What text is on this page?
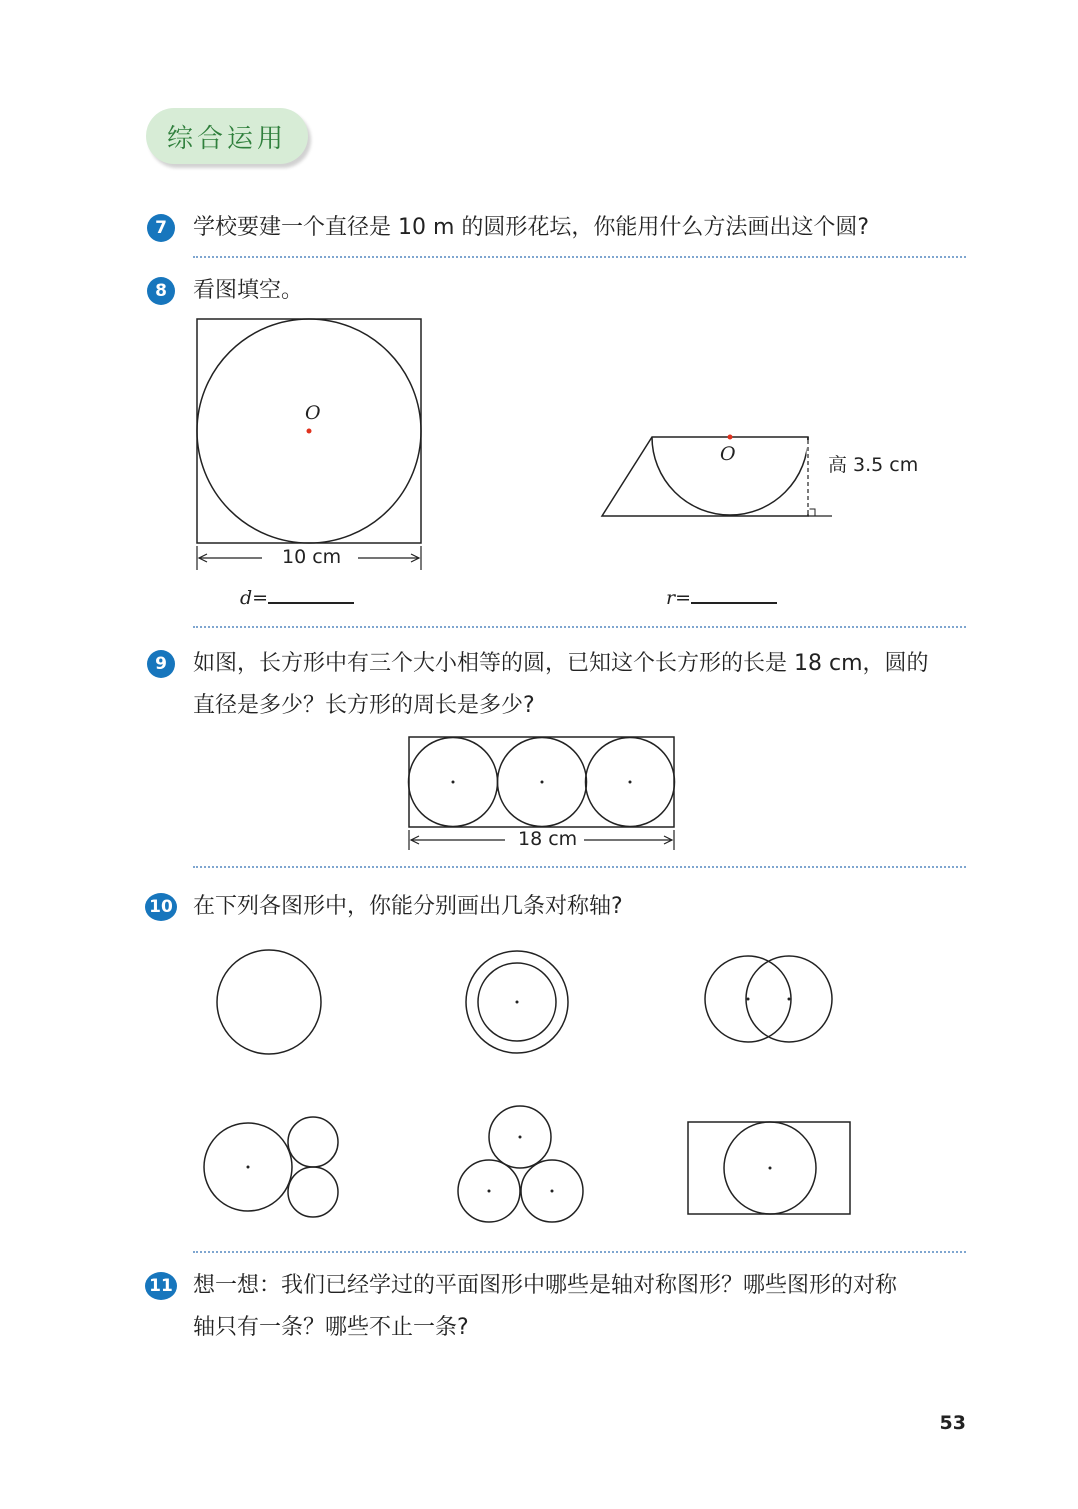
综合运用
7	学校要建一个直径是 10 m 的圆形花坛，你能用什么方法画出这个圆?
8	看图填空。
O
10 cm
d=
O	高 3.5 cm
r=
9	如图，长方形中有三个大小相等的圆，已知这个长方形的长是 18 cm，圆的
直径是多少？长方形的周长是多少?
18 cm
10 在下列各图形中，你能分别画出几条对称轴?
11 想一想：我们已经学过的平面图形中哪些是轴对称图形？哪些图形的对称
轴只有一条？哪些不止一条?
53
